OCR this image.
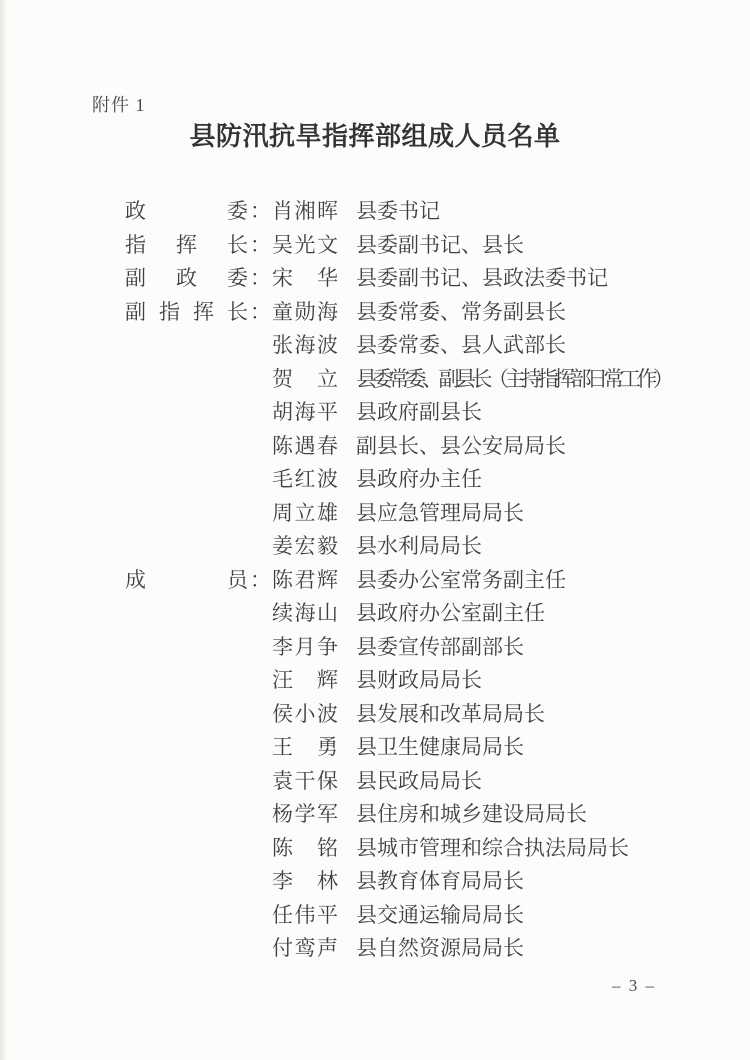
附件 1
县防汛抗旱指挥部组成人员名单
政	委 ： 肖 湘 晖 县委书记
指 挥 长 ： 吴 光 文 县委副书记、县长
副 政 委 ： 宋 华 县委副书记、县政法委书记
副 指 挥 长 ： 童 勋 海 县委常委、常务副县长
张 海 波 县委常委、县人武部长
贺 立 县委常委、副县长（主持指挥部日常工作）
胡 海 平 县政府副县长
陈 遇 春 副县长、县公安局局长
毛 红 波 县政府办主任
周 立 雄 县应急管理局局长
姜 宏 毅 县水利局局长
成	员 ： 陈 君 辉 县委办公室常务副主任
续 海 山 县政府办公室副主任
李 月 争 县委宣传部副部长
汪 辉 县财政局局长
侯 小 波 县发展和改革局局长
王 勇 县卫生健康局局长
袁 干 保 县民政局局长
杨 学 军 县住房和城乡建设局局长
陈 铭 县城市管理和综合执法局局长
李 林 县教育体育局局长
任 伟 平 县交通运输局局长
付 鸾 声 县自然资源局局长
– 3 –
